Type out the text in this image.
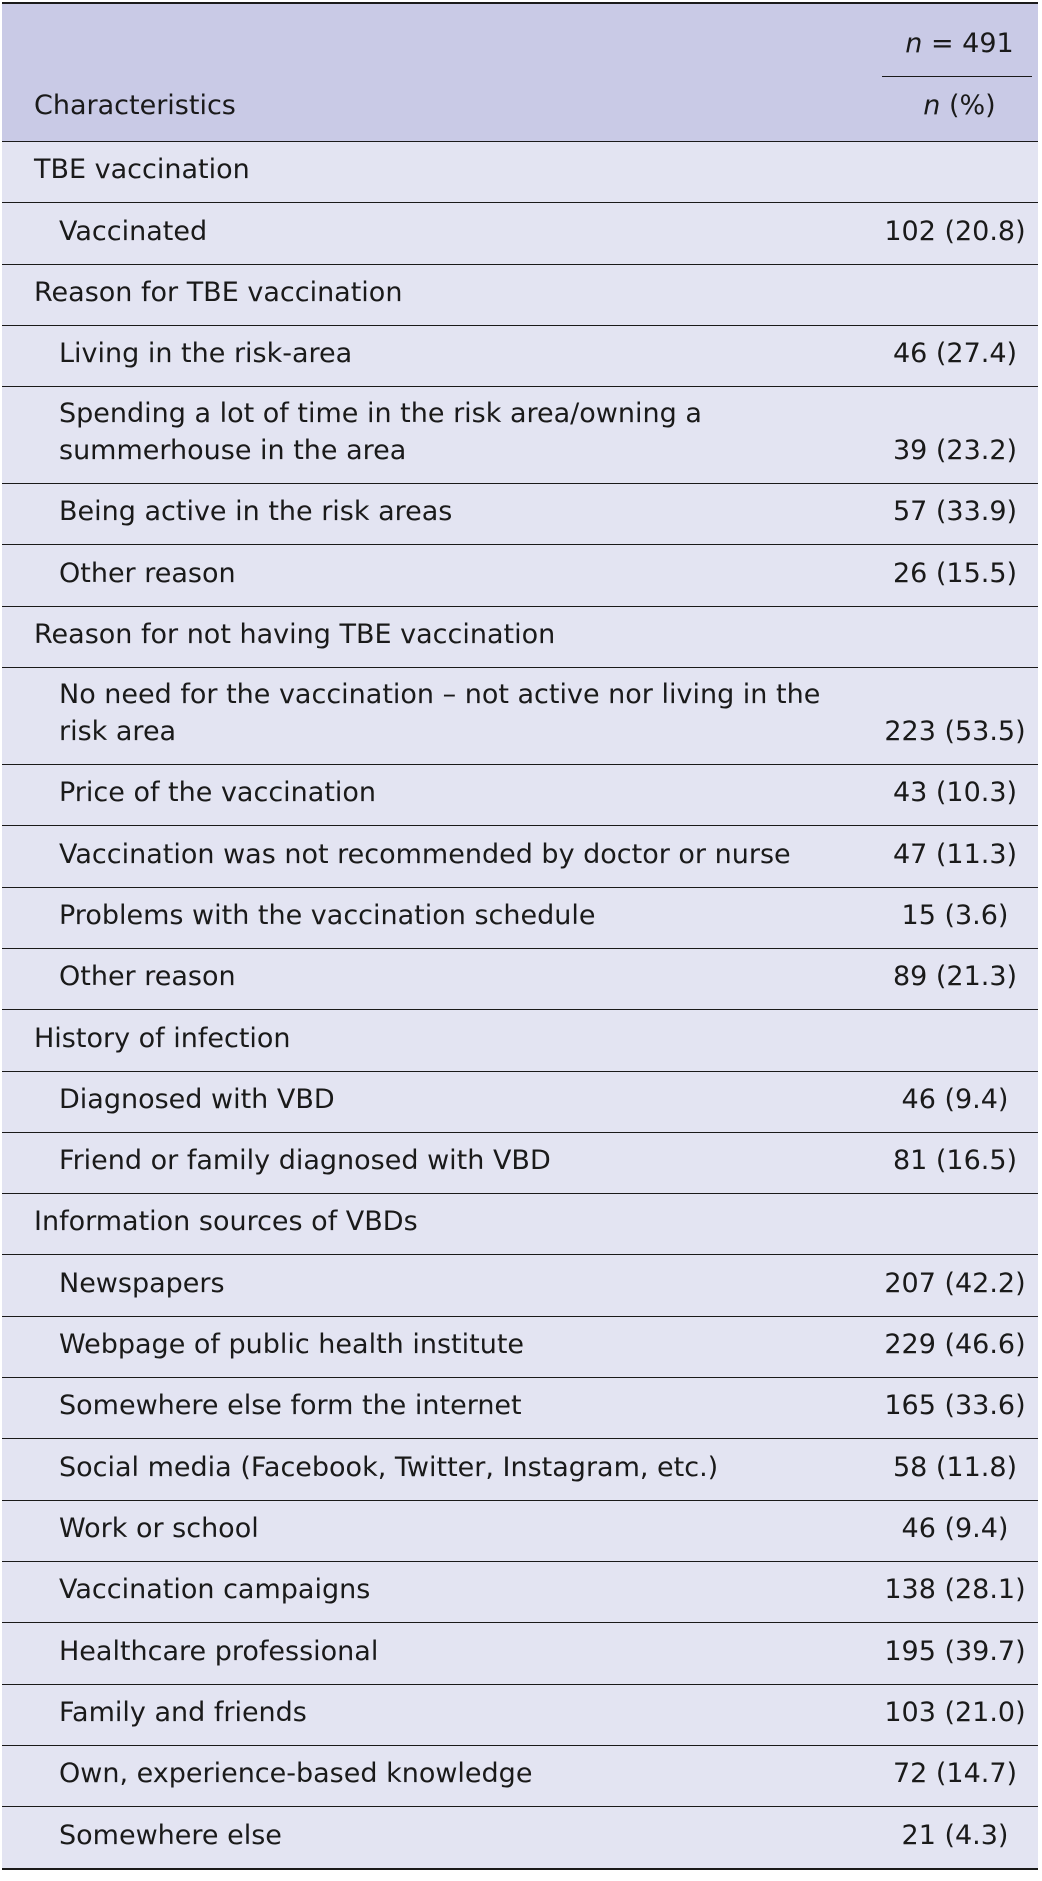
Characteristics
n = 491
n (%)
TBE vaccination
Vaccinated	102 (20.8)
Reason for TBE vaccination
Living in the risk-area	46 (27.4)
Spending a lot of time in the risk area/owning a summerhouse in the area	39 (23.2)
Being active in the risk areas	57 (33.9)
Other reason	26 (15.5)
Reason for not having TBE vaccination
No need for the vaccination – not active nor living in the risk area	223 (53.5)
Price of the vaccination	43 (10.3)
Vaccination was not recommended by doctor or nurse	47 (11.3)
Problems with the vaccination schedule	15 (3.6)
Other reason	89 (21.3)
History of infection
Diagnosed with VBD	46 (9.4)
Friend or family diagnosed with VBD	81 (16.5)
Information sources of VBDs
Newspapers	207 (42.2)
Webpage of public health institute	229 (46.6)
Somewhere else form the internet	165 (33.6)
Social media (Facebook, Twitter, Instagram, etc.)	58 (11.8)
Work or school	46 (9.4)
Vaccination campaigns	138 (28.1)
Healthcare professional	195 (39.7)
Family and friends	103 (21.0)
Own, experience-based knowledge	72 (14.7)
Somewhere else	21 (4.3)
